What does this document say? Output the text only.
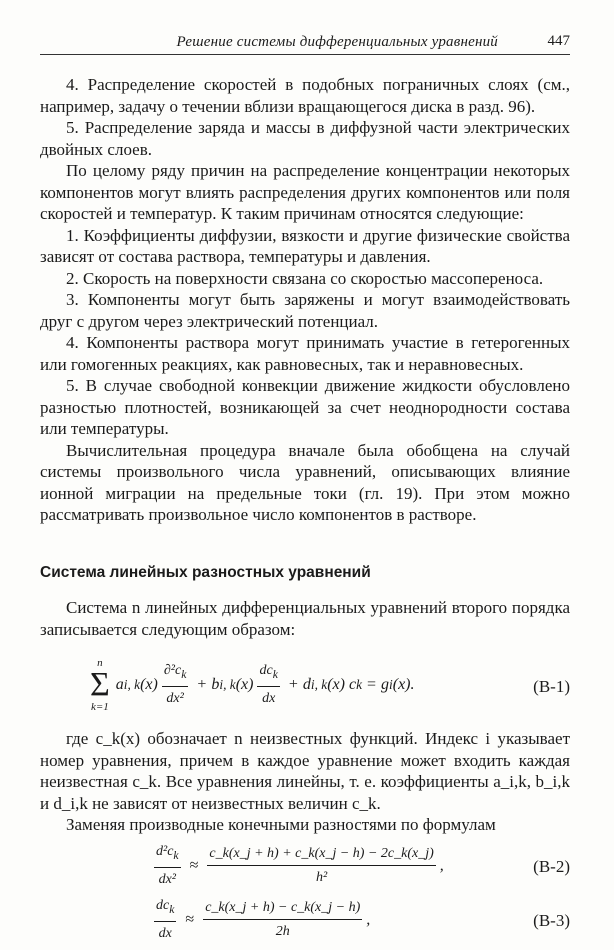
Решение системы дифференциальных уравнений	447

4. Распределение скоростей в подобных пограничных слоях (см., например, задачу о течении вблизи вращающегося диска в разд. 96).

5. Распределение заряда и массы в диффузной части электрических двойных слоев.

По целому ряду причин на распределение концентрации некоторых компонентов могут влиять распределения других компонентов или поля скоростей и температур. К таким причинам относятся следующие:

1. Коэффициенты диффузии, вязкости и другие физические свойства зависят от состава раствора, температуры и давления.

2. Скорость на поверхности связана со скоростью массопереноса.

3. Компоненты могут быть заряжены и могут взаимодействовать друг с другом через электрический потенциал.

4. Компоненты раствора могут принимать участие в гетерогенных или гомогенных реакциях, как равновесных, так и неравновесных.

5. В случае свободной конвекции движение жидкости обусловлено разностью плотностей, возникающей за счет неоднородности состава или температуры.

Вычислительная процедура вначале была обобщена на случай системы произвольного числа уравнений, описывающих влияние ионной миграции на предельные токи (гл. 19). При этом можно рассматривать произвольное число компонентов в растворе.

Система линейных разностных уравнений

Система n линейных дифференциальных уравнений второго порядка записывается следующим образом:

n
Σ
k=1
a i, k $(x) \frac{\partial^2c_k}{\text{dx²}} + b$ i, k $(x) \frac{dc_k}{dx} + d$ i, k (x)
c k = g i (x).	(B-1)

где c_k(x) обозначает n неизвестных функций. Индекс i указывает номер уравнения, причем в каждое уравнение может входить каждая неизвестная c_k. Все уравнения линейны, т. е. коэффициенты a_i,k, b_i,k и d_i,k не зависят от неизвестных величин c_k.

Заменяя производные конечными разностями по формулам

$\frac{d^2c_k}{\text{dx²}} \approx \frac{c\_k(x\_j + h) + c\_k(x\_j - h) - 2c\_k(x\_j)}{\text{h²}}$ ,	(B-2)
$\frac{dc_k}{dx} \approx \frac{c\_k(x\_j + h) - c\_k(x\_j - h)}{2h}$ ,	(B-3)
